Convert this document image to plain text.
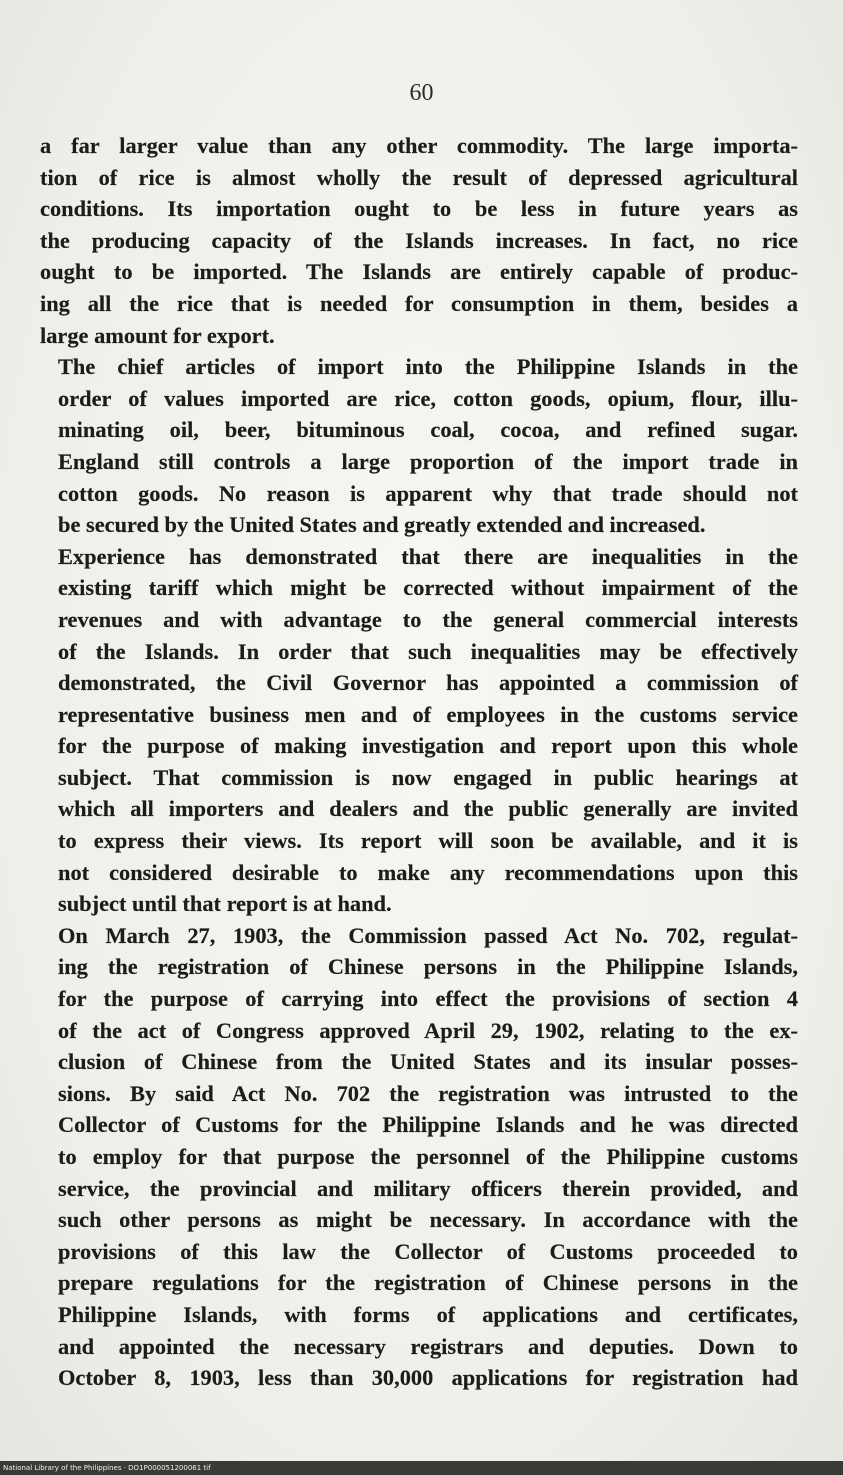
60

a far larger value than any other commodity. The large importa-
tion of rice is almost wholly the result of depressed agricultural
conditions. Its importation ought to be less in future years as
the producing capacity of the Islands increases. In fact, no rice
ought to be imported. The Islands are entirely capable of produc-
ing all the rice that is needed for consumption in them, besides a
large amount for export.

The chief articles of import into the Philippine Islands in the
order of values imported are rice, cotton goods, opium, flour, illu-
minating oil, beer, bituminous coal, cocoa, and refined sugar.
England still controls a large proportion of the import trade in
cotton goods. No reason is apparent why that trade should not
be secured by the United States and greatly extended and increased.

Experience has demonstrated that there are inequalities in the
existing tariff which might be corrected without impairment of the
revenues and with advantage to the general commercial interests
of the Islands. In order that such inequalities may be effectively
demonstrated, the Civil Governor has appointed a commission of
representative business men and of employees in the customs service
for the purpose of making investigation and report upon this whole
subject. That commission is now engaged in public hearings at
which all importers and dealers and the public generally are invited
to express their views. Its report will soon be available, and it is
not considered desirable to make any recommendations upon this
subject until that report is at hand.

On March 27, 1903, the Commission passed Act No. 702, regulat-
ing the registration of Chinese persons in the Philippine Islands,
for the purpose of carrying into effect the provisions of section 4
of the act of Congress approved April 29, 1902, relating to the ex-
clusion of Chinese from the United States and its insular posses-
sions. By said Act No. 702 the registration was intrusted to the
Collector of Customs for the Philippine Islands and he was directed
to employ for that purpose the personnel of the Philippine customs
service, the provincial and military officers therein provided, and
such other persons as might be necessary. In accordance with the
provisions of this law the Collector of Customs proceeded to
prepare regulations for the registration of Chinese persons in the
Philippine Islands, with forms of applications and certificates,
and appointed the necessary registrars and deputies. Down to
October 8, 1903, less than 30,000 applications for registration had

National Library of the Philippines · DO1P000051200061 tif
